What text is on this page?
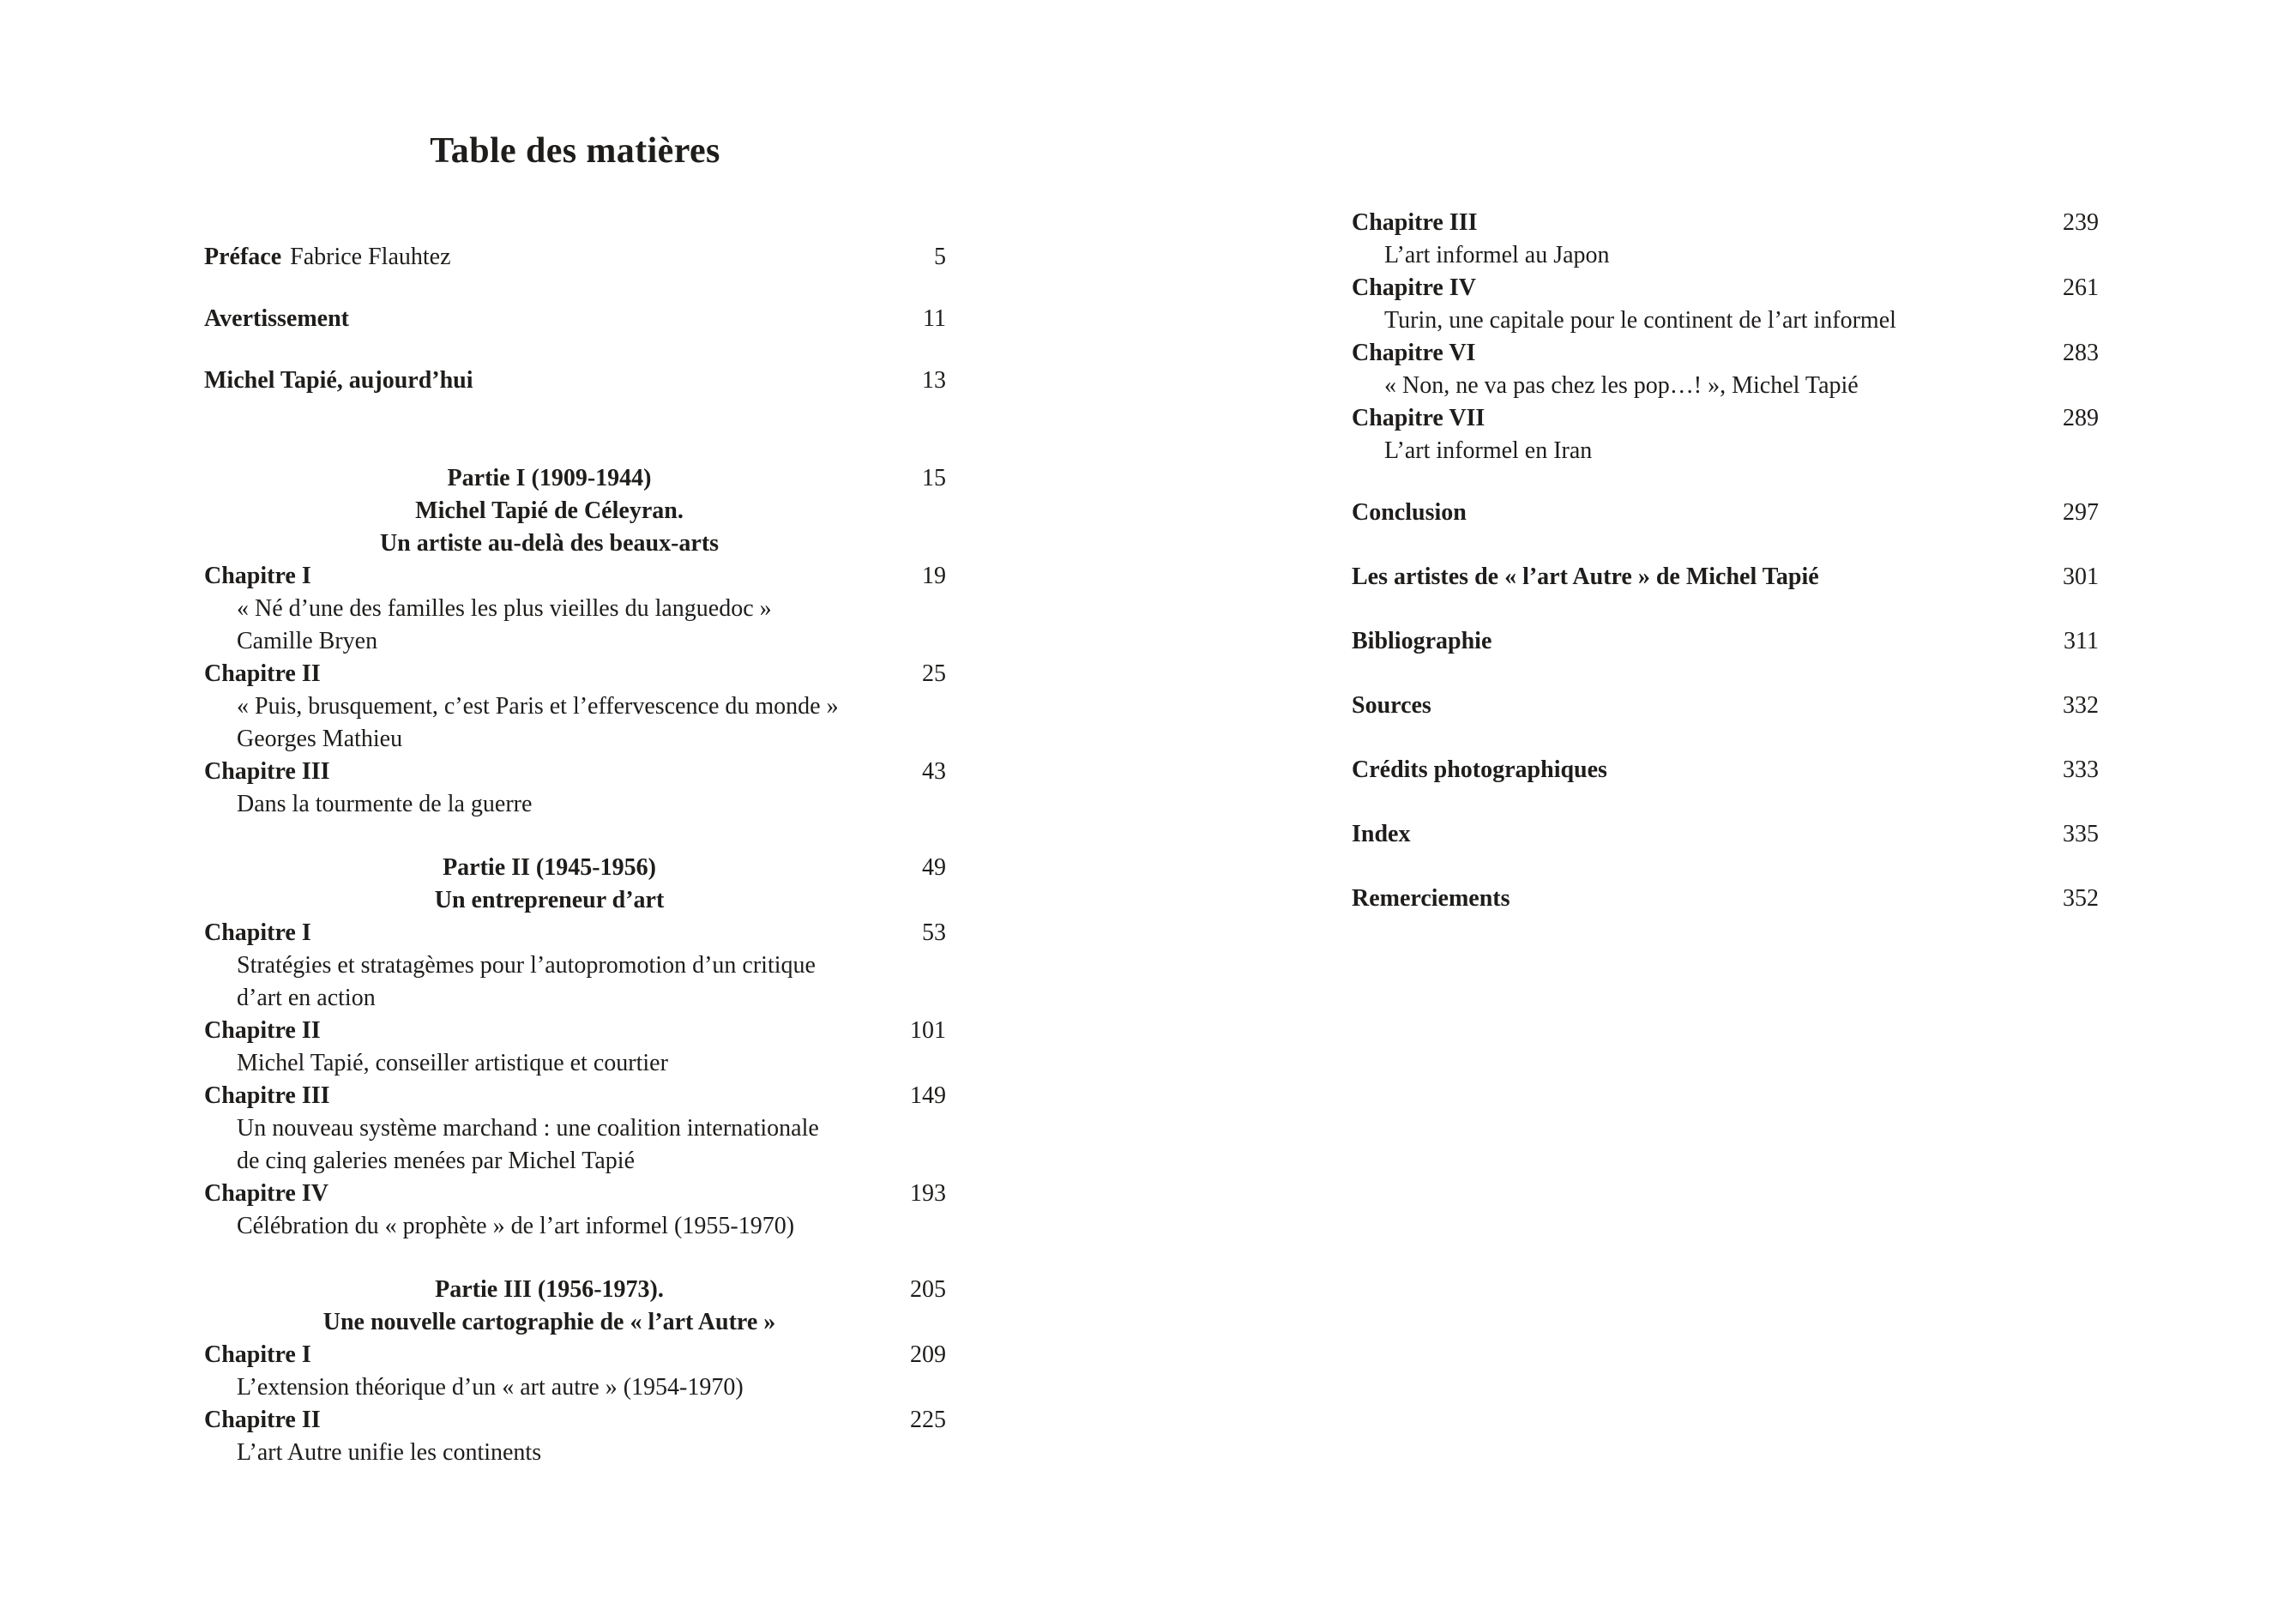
Table des matières
Préface Fabrice Flauhtez	5
Avertissement	11
Michel Tapié, aujourd’hui	13
Partie I (1909-1944)	15
Michel Tapié de Céleyran.
Un artiste au-delà des beaux-arts
Chapitre I	19
« Né d’une des familles les plus vieilles du languedoc »
Camille Bryen
Chapitre II	25
« Puis, brusquement, c’est Paris et l’effervescence du monde »
Georges Mathieu
Chapitre III	43
Dans la tourmente de la guerre
Partie II (1945-1956)	49
Un entrepreneur d’art
Chapitre I	53
Stratégies et stratagèmes pour l’autopromotion d’un critique
d’art en action
Chapitre II	101
Michel Tapié, conseiller artistique et courtier
Chapitre III	149
Un nouveau système marchand : une coalition internationale
de cinq galeries menées par Michel Tapié
Chapitre IV	193
Célébration du « prophète » de l’art informel (1955-1970)
Partie III (1956-1973).	205
Une nouvelle cartographie de « l’art Autre »
Chapitre I	209
L’extension théorique d’un « art autre » (1954-1970)
Chapitre II	225
L’art Autre unifie les continents
Chapitre III	239
L’art informel au Japon
Chapitre IV	261
Turin, une capitale pour le continent de l’art informel
Chapitre VI	283
« Non, ne va pas chez les pop…! », Michel Tapié
Chapitre VII	289
L’art informel en Iran
Conclusion	297
Les artistes de « l’art Autre » de Michel Tapié	301
Bibliographie	311
Sources	332
Crédits photographiques	333
Index	335
Remerciements	352
